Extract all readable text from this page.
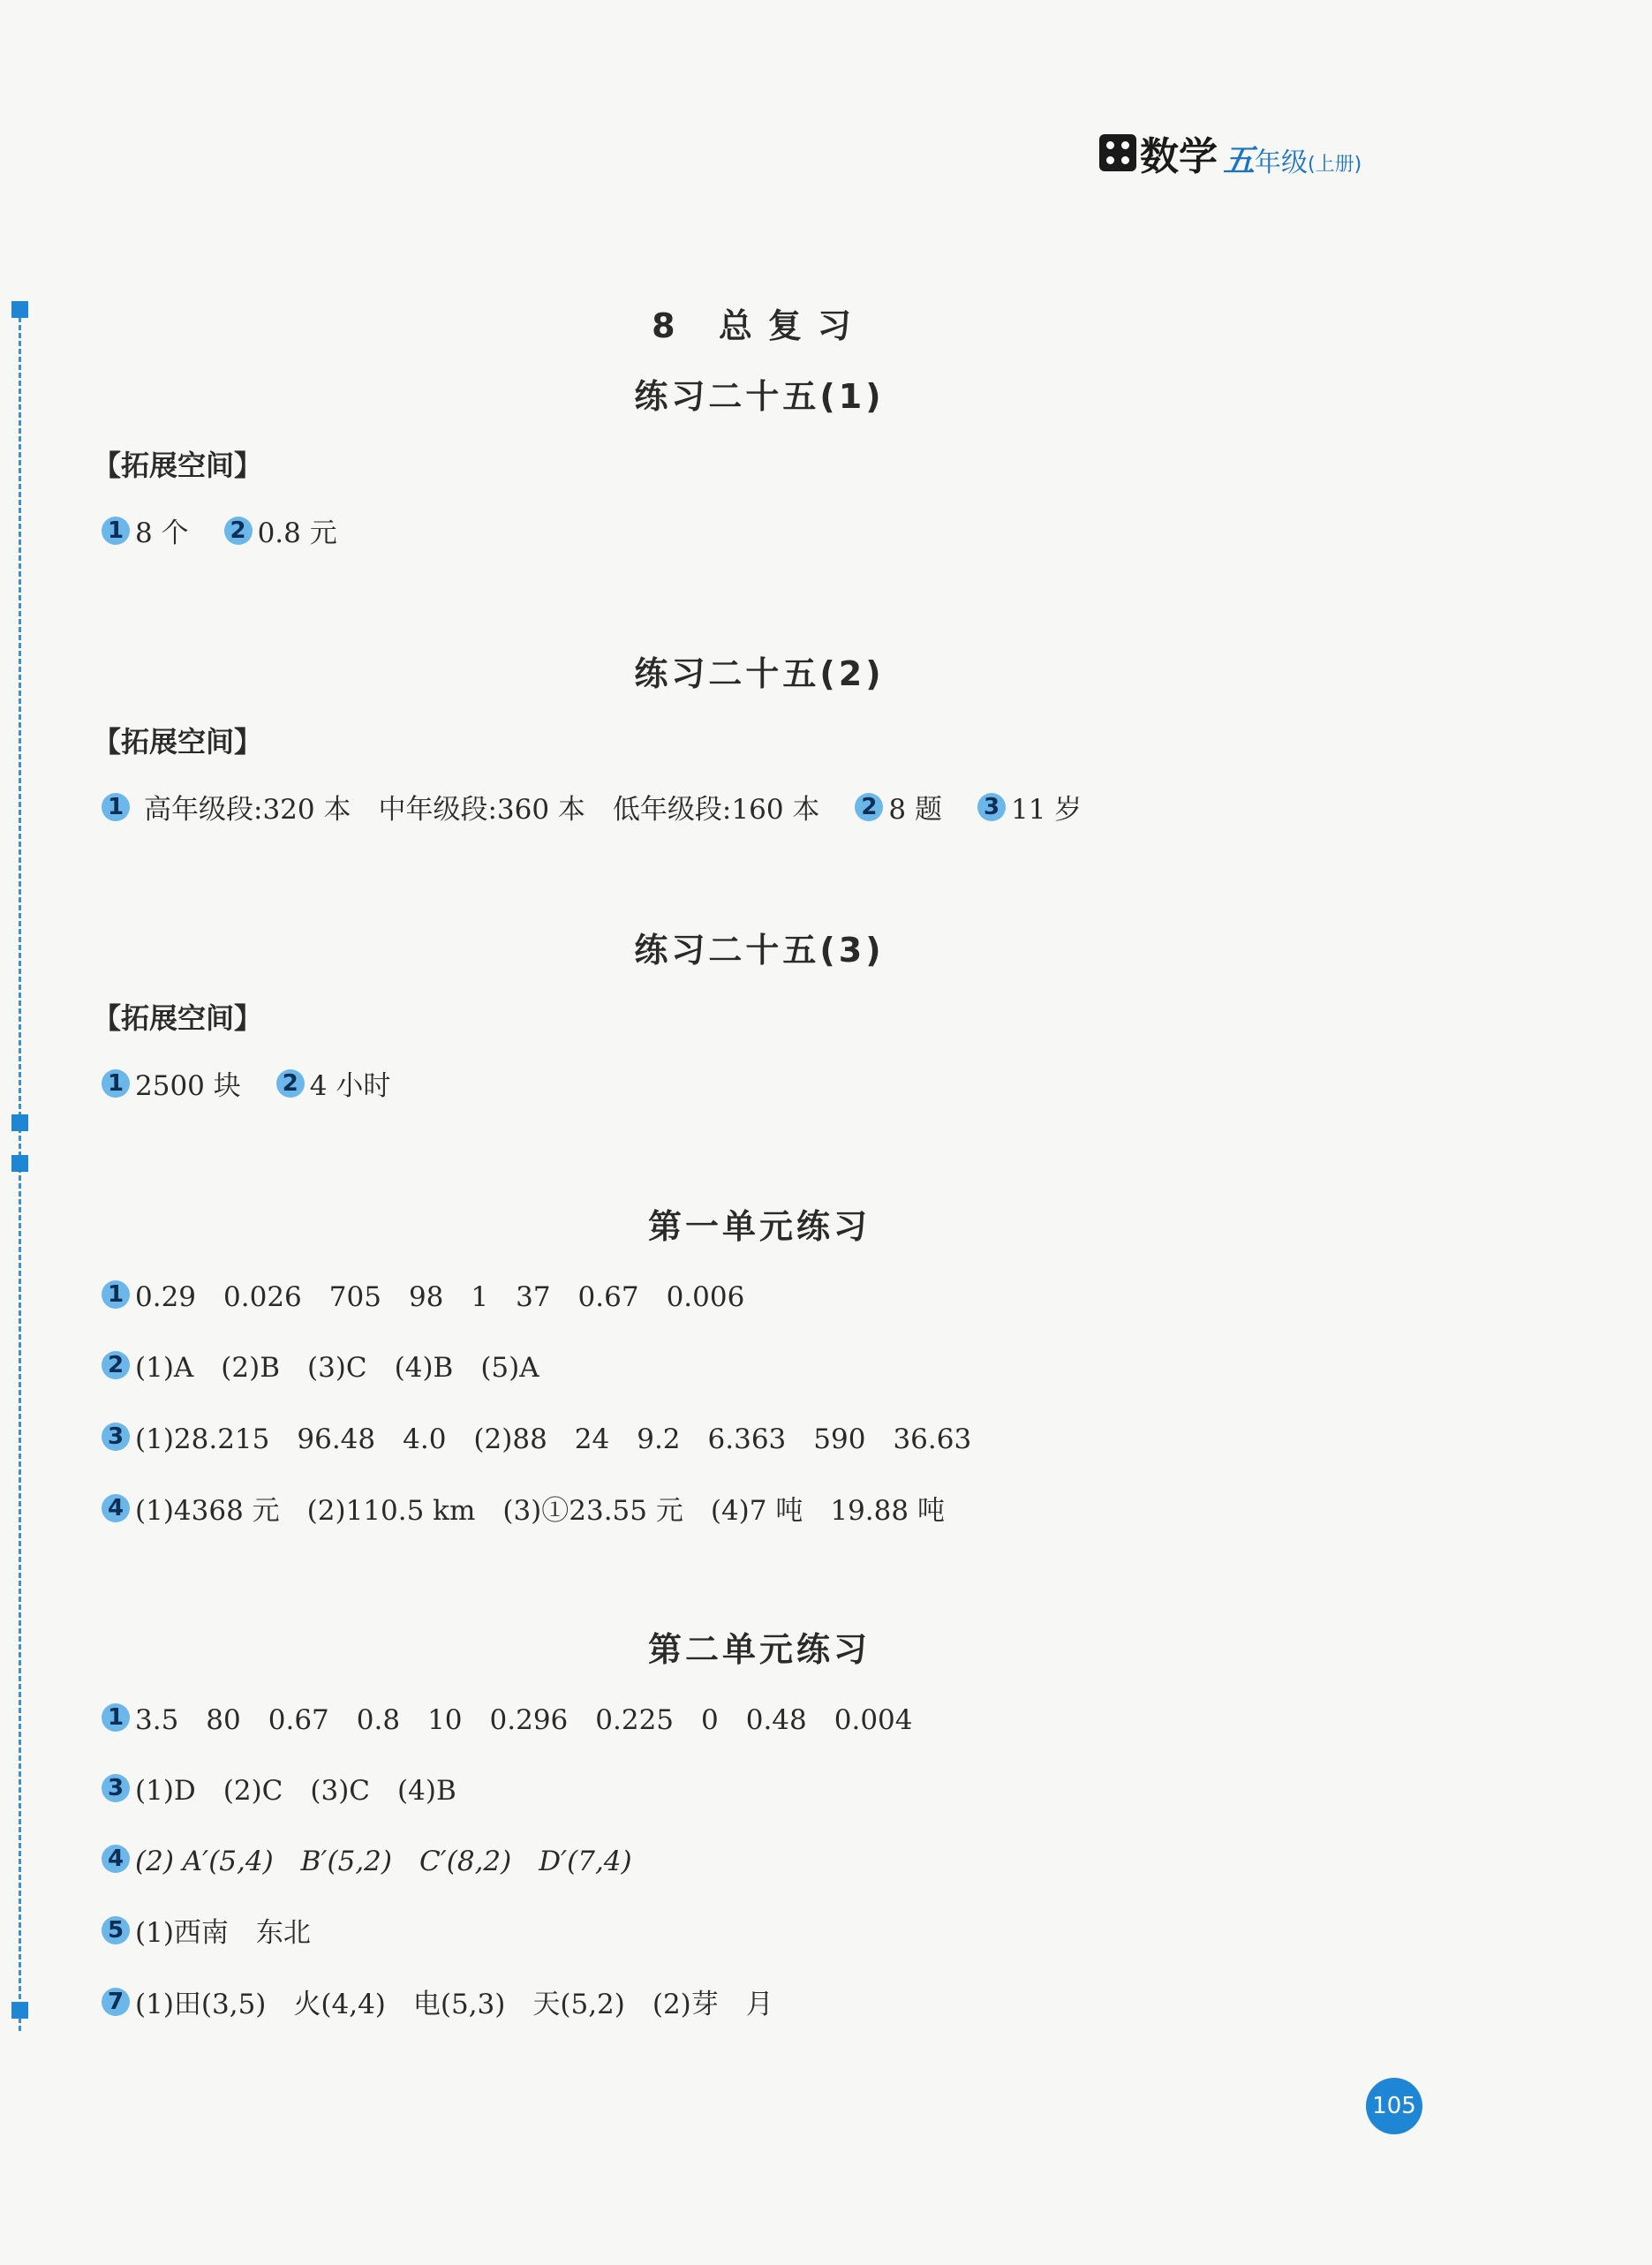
数学 五 年级 (上册)
8 总复习
练习二十五(1)
【拓展空间】
1 8 个 2 0.8 元
练习二十五(2)
【拓展空间】
1 高年级段:320 本　中年级段:360 本　低年级段:160 本 2 8 题 3 11 岁
练习二十五(3)
【拓展空间】
1 2500 块 2 4 小时
第一单元练习
1 0.29　0.026　705　98　1　37　0.67　0.006
2 (1)A　(2)B　(3)C　(4)B　(5)A
3 (1)28.215　96.48　4.0　(2)88　24　9.2　6.363　590　36.63
4 (1)4368 元　(2)110.5 km　(3)①23.55 元　(4)7 吨　19.88 吨
第二单元练习
1 3.5　80　0.67　0.8　10　0.296　0.225　0　0.48　0.004
3 (1)D　(2)C　(3)C　(4)B
4 (2) A′(5,4)　B′(5,2)　C′(8,2)　D′(7,4)
5 (1)西南　东北
7 (1)田(3,5)　火(4,4)　电(5,3)　天(5,2)　(2)芽　月
105
